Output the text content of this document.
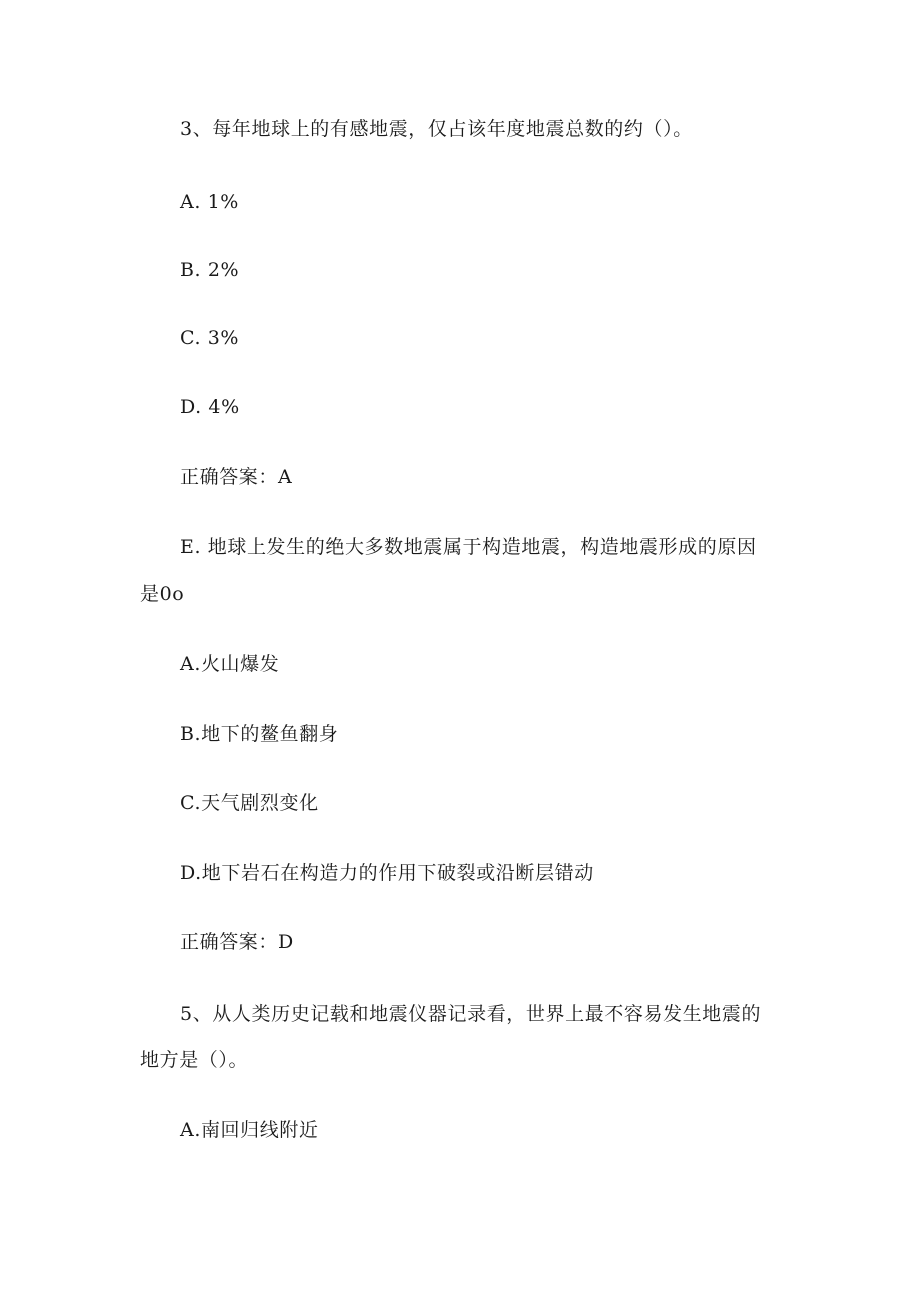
3、每年地球上的有感地震，仅占该年度地震总数的约（）。
A. 1%
B. 2%
C. 3%
D. 4%
正确答案：A
E. 地球上发生的绝大多数地震属于构造地震，构造地震形成的原因
是0o
A.火山爆发
B.地下的鳌鱼翻身
C.天气剧烈变化
D.地下岩石在构造力的作用下破裂或沿断层错动
正确答案：D
5、从人类历史记载和地震仪器记录看，世界上最不容易发生地震的
地方是（）。
A.南回归线附近
